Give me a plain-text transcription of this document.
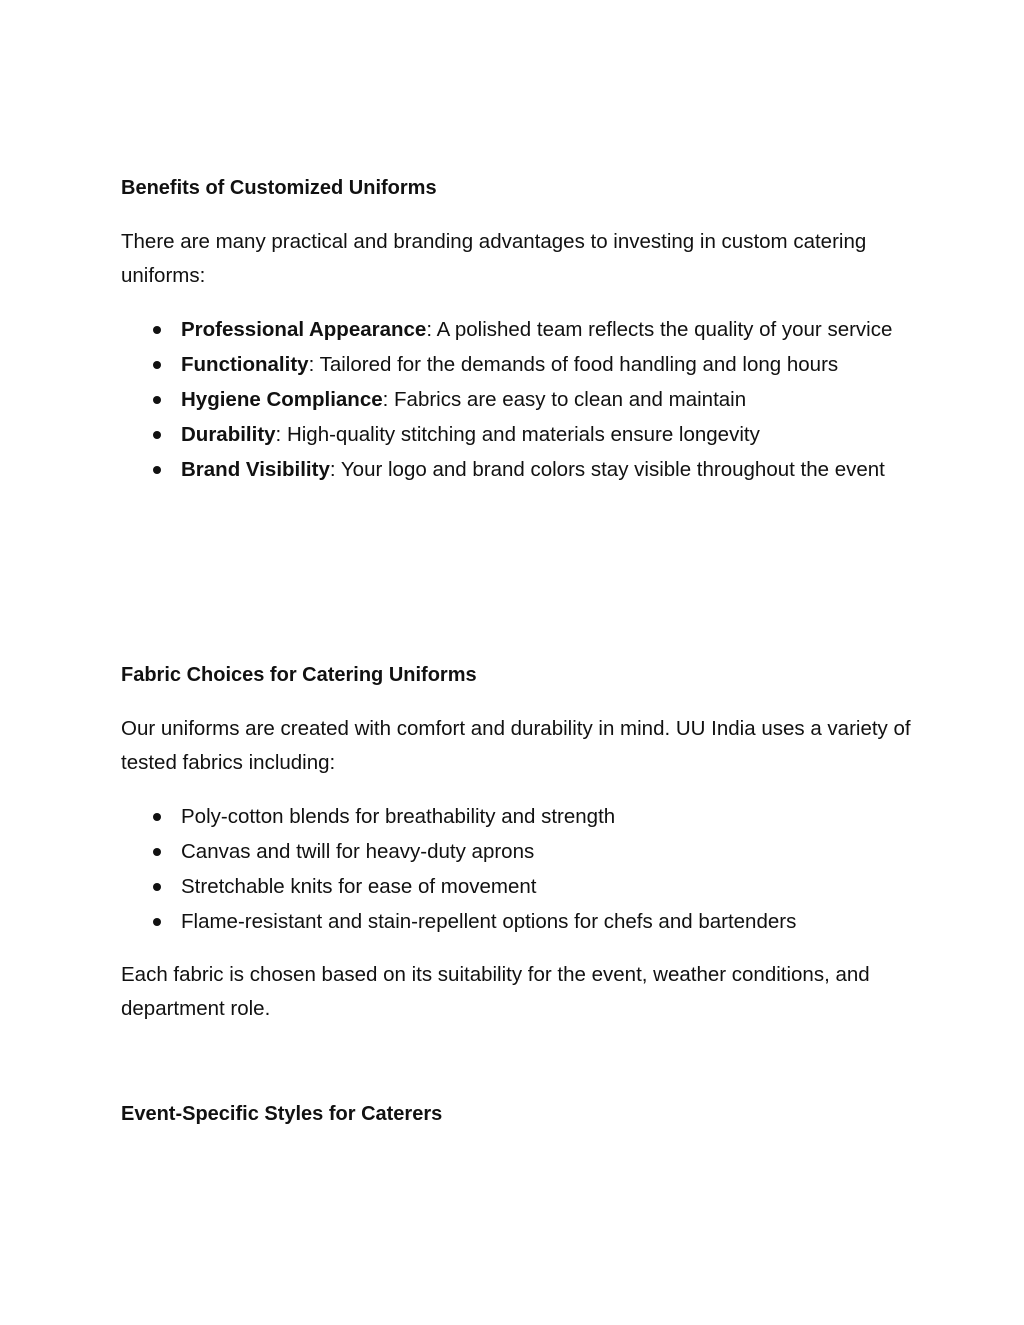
Benefits of Customized Uniforms

There are many practical and branding advantages to investing in custom catering uniforms:

Professional Appearance: A polished team reflects the quality of your service
Functionality: Tailored for the demands of food handling and long hours
Hygiene Compliance: Fabrics are easy to clean and maintain
Durability: High-quality stitching and materials ensure longevity
Brand Visibility: Your logo and brand colors stay visible throughout the event
Fabric Choices for Catering Uniforms

Our uniforms are created with comfort and durability in mind. UU India uses a variety of tested fabrics including:

Poly-cotton blends for breathability and strength
Canvas and twill for heavy-duty aprons
Stretchable knits for ease of movement
Flame-resistant and stain-repellent options for chefs and bartenders

Each fabric is chosen based on its suitability for the event, weather conditions, and department role.

Event-Specific Styles for Caterers
